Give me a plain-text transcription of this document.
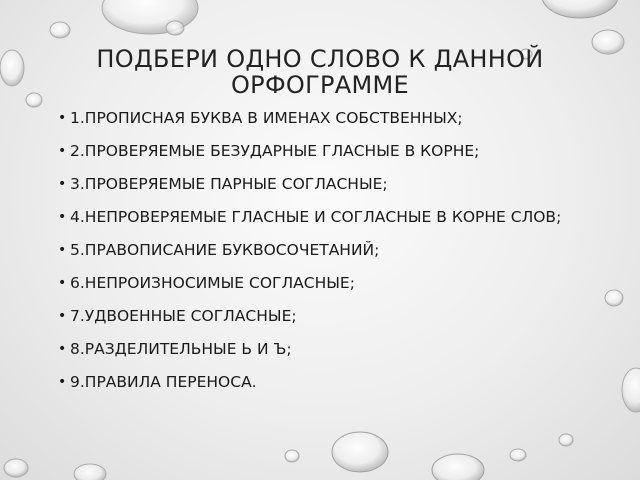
ПОДБЕРИ ОДНО СЛОВО К ДАННОЙ ОРФОГРАММЕ
• 1.ПРОПИСНАЯ БУКВА В ИМЕНАХ СОБСТВЕННЫХ;
• 2.ПРОВЕРЯЕМЫЕ БЕЗУДАРНЫЕ ГЛАСНЫЕ В КОРНЕ;
• 3.ПРОВЕРЯЕМЫЕ ПАРНЫЕ СОГЛАСНЫЕ;
• 4.НЕПРОВЕРЯЕМЫЕ ГЛАСНЫЕ И СОГЛАСНЫЕ В КОРНЕ СЛОВ;
• 5.ПРАВОПИСАНИЕ БУКВОСОЧЕТАНИЙ;
• 6.НЕПРОИЗНОСИМЫЕ СОГЛАСНЫЕ;
• 7.УДВОЕННЫЕ СОГЛАСНЫЕ;
• 8.РАЗДЕЛИТЕЛЬНЫЕ Ь И Ъ;
• 9.ПРАВИЛА ПЕРЕНОСА.
